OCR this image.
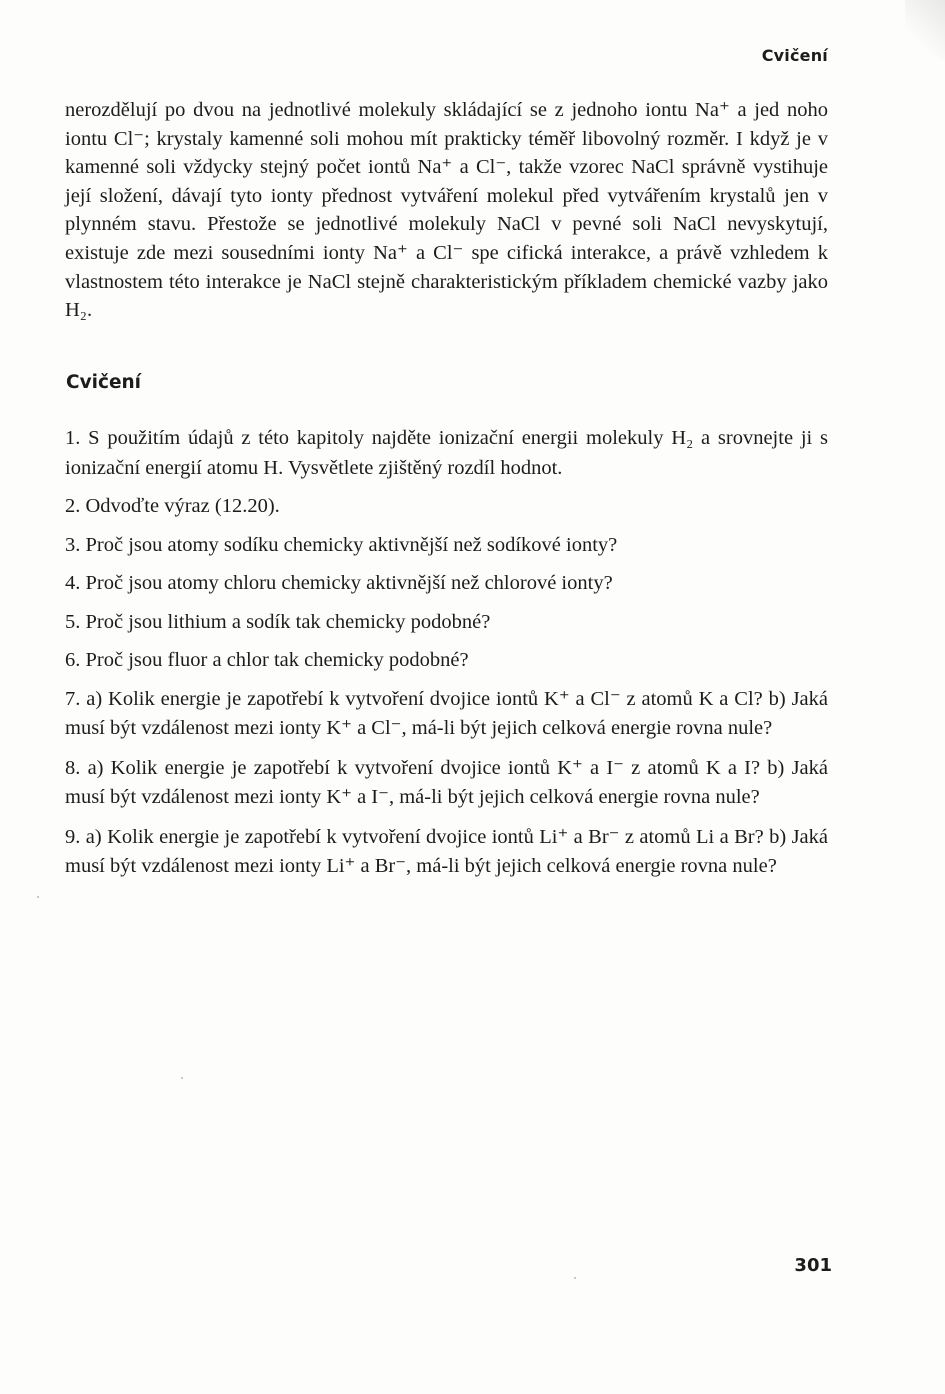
Cvičení

nerozdělují po dvou na jednotlivé molekuly skládající se z jednoho iontu Na⁺ a jed noho iontu Cl⁻; krystaly kamenné soli mohou mít prakticky téměř libovolný rozměr. I když je v kamenné soli vždycky stejný počet iontů Na⁺ a Cl⁻, takže vzorec NaCl správně vystihuje její složení, dávají tyto ionty přednost vytváření molekul před vytvářením krystalů jen v plynném stavu. Přestože se jednotlivé molekuly NaCl v pevné soli NaCl nevyskytují, existuje zde mezi sousedními ionty Na⁺ a Cl⁻ spe cifická interakce, a právě vzhledem k vlastnostem této interakce je NaCl stejně charakteristickým příkladem chemické vazby jako H₂.

Cvičení
1. S použitím údajů z této kapitoly najděte ionizační energii molekuly H₂ a srovnejte ji s ionizační energií atomu H. Vysvětlete zjištěný rozdíl hodnot.
2. Odvoďte výraz (12.20).
3. Proč jsou atomy sodíku chemicky aktivnější než sodíkové ionty?
4. Proč jsou atomy chloru chemicky aktivnější než chlorové ionty?
5. Proč jsou lithium a sodík tak chemicky podobné?
6. Proč jsou fluor a chlor tak chemicky podobné?
7. a) Kolik energie je zapotřebí k vytvoření dvojice iontů K⁺ a Cl⁻ z atomů K a Cl? b) Jaká musí být vzdálenost mezi ionty K⁺ a Cl⁻, má-li být jejich celková energie rovna nule?
8. a) Kolik energie je zapotřebí k vytvoření dvojice iontů K⁺ a I⁻ z atomů K a I? b) Jaká musí být vzdálenost mezi ionty K⁺ a I⁻, má-li být jejich celková energie rovna nule?
9. a) Kolik energie je zapotřebí k vytvoření dvojice iontů Li⁺ a Br⁻ z atomů Li a Br? b) Jaká musí být vzdálenost mezi ionty Li⁺ a Br⁻, má-li být jejich celková energie rovna nule?
301
